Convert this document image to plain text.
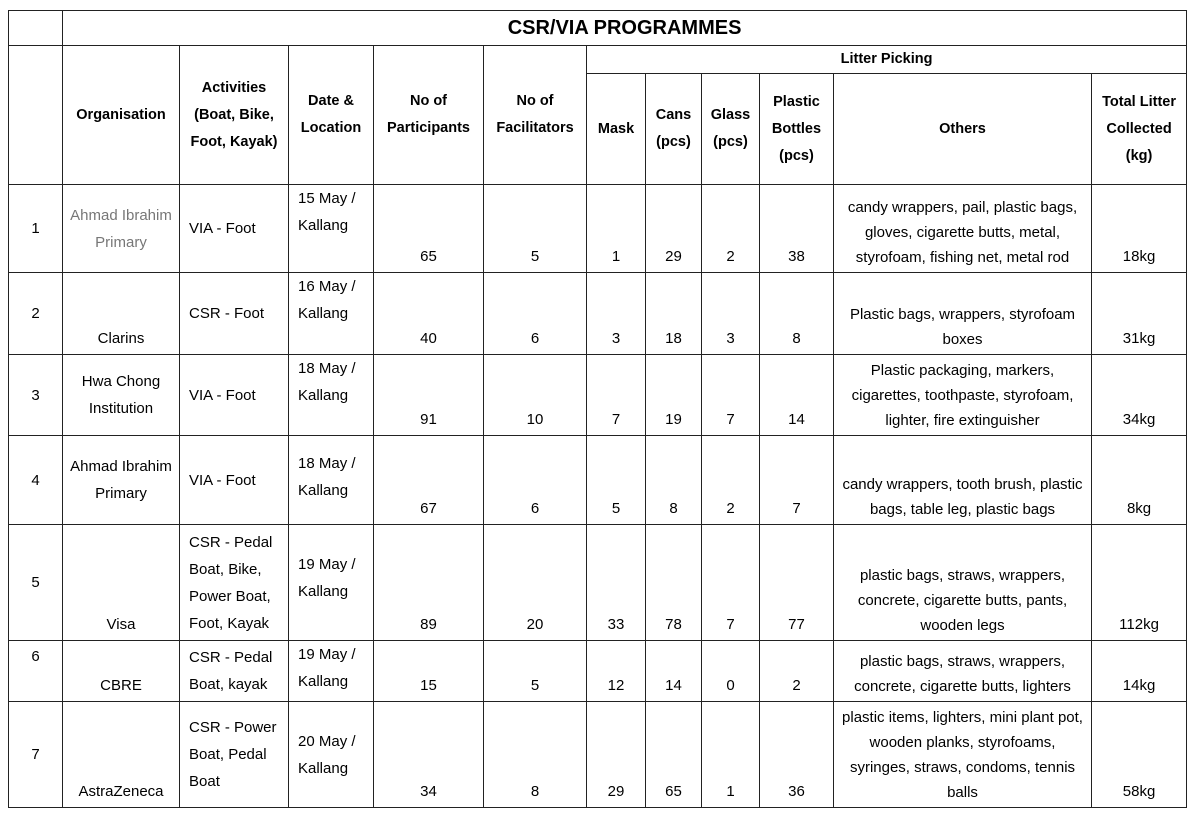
	CSR/VIA PROGRAMMES										
	Organisation	Activities (Boat, Bike, Foot, Kayak)	Date & Location	No of Participants	No of Facilitators	Litter Picking					
						Mask	Cans (pcs)	Glass (pcs)	Plastic Bottles (pcs)	Others	Total Litter Collected (kg)
1	Ahmad Ibrahim Primary	VIA - Foot	15 May / Kallang	65	5	1	29	2	38	candy wrappers, pail, plastic bags, gloves, cigarette butts, metal, styrofoam, fishing net, metal rod	18kg
2	Clarins	CSR - Foot	16 May / Kallang	40	6	3	18	3	8	Plastic bags, wrappers, styrofoam boxes	31kg
3	Hwa Chong Institution	VIA - Foot	18 May / Kallang	91	10	7	19	7	14	Plastic packaging, markers, cigarettes, toothpaste, styrofoam, lighter, fire extinguisher	34kg
4	Ahmad Ibrahim Primary	VIA - Foot	18 May / Kallang	67	6	5	8	2	7	candy wrappers, tooth brush, plastic bags, table leg, plastic bags	8kg
5	Visa	CSR - Pedal Boat, Bike, Power Boat, Foot, Kayak	19 May / Kallang	89	20	33	78	7	77	plastic bags, straws, wrappers, concrete, cigarette butts, pants, wooden legs	112kg
6	CBRE	CSR - Pedal Boat, kayak	19 May / Kallang	15	5	12	14	0	2	plastic bags, straws, wrappers, concrete, cigarette butts, lighters	14kg
7	AstraZeneca	CSR - Power Boat, Pedal Boat	20 May / Kallang	34	8	29	65	1	36	plastic items, lighters, mini plant pot, wooden planks, styrofoams, syringes, straws, condoms, tennis balls	58kg
